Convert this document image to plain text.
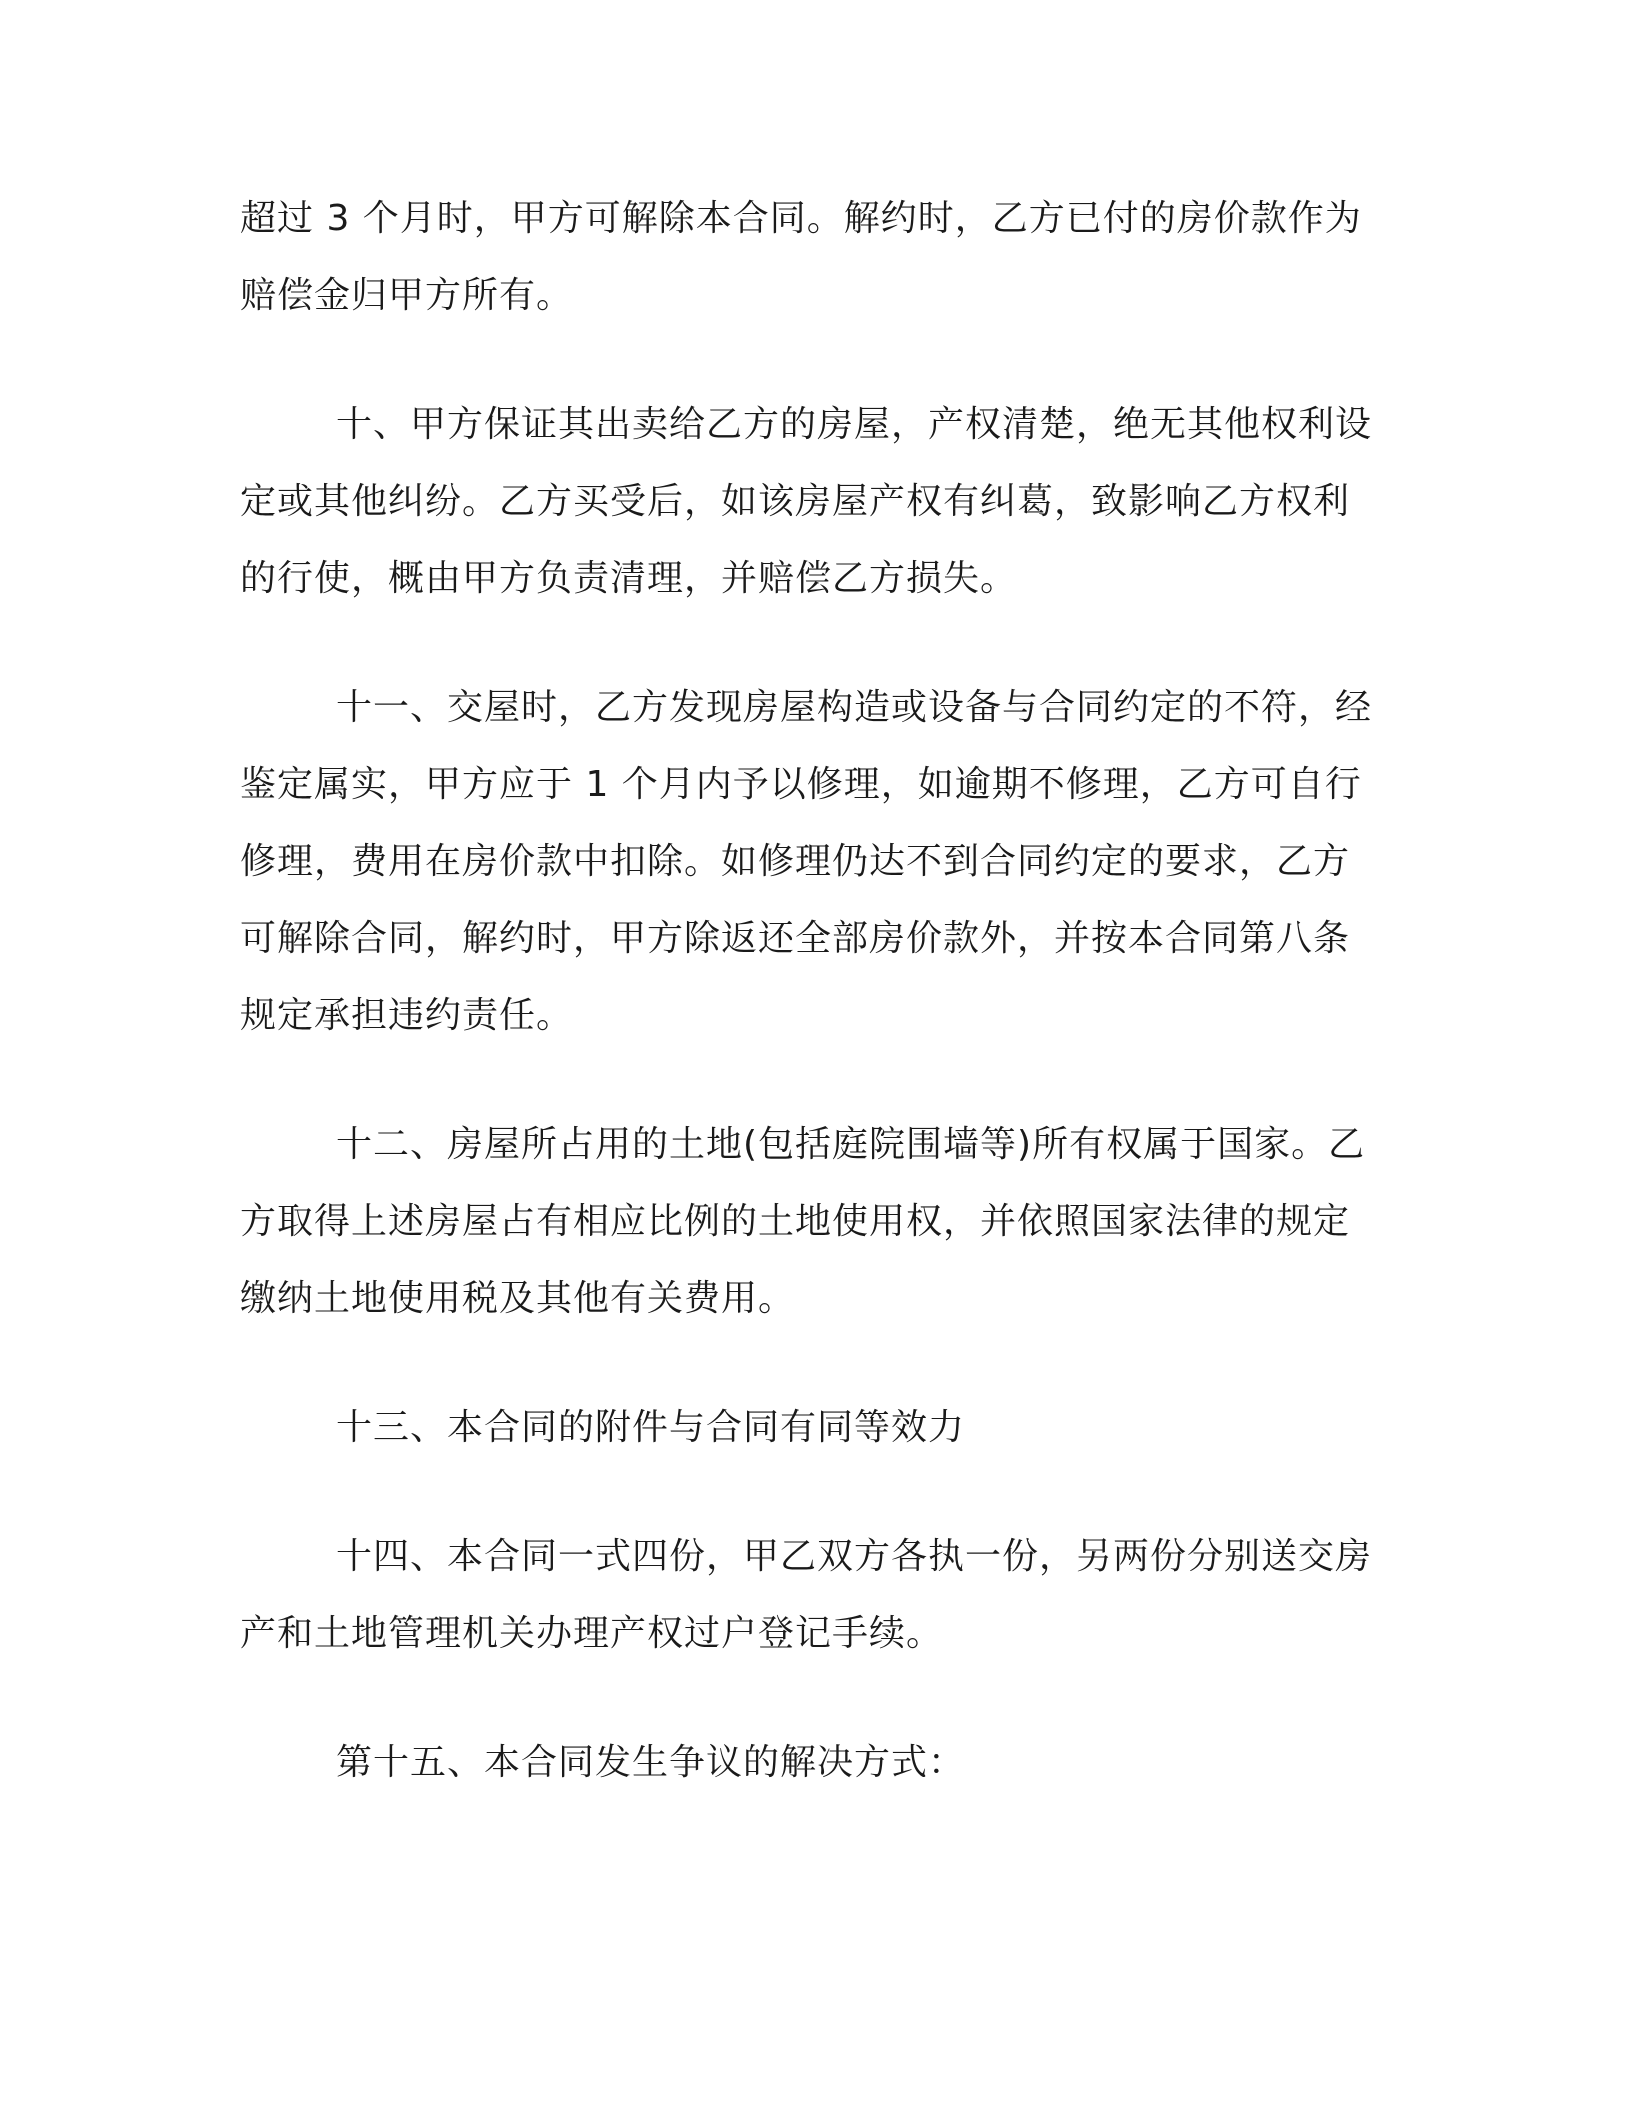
超过 3 个月时，甲方可解除本合同。解约时，乙方已付的房价款作为
赔偿金归甲方所有。

十、甲方保证其出卖给乙方的房屋，产权清楚，绝无其他权利设
定或其他纠纷。乙方买受后，如该房屋产权有纠葛，致影响乙方权利
的行使，概由甲方负责清理，并赔偿乙方损失。

十一、交屋时，乙方发现房屋构造或设备与合同约定的不符，经
鉴定属实，甲方应于 1 个月内予以修理，如逾期不修理，乙方可自行
修理，费用在房价款中扣除。如修理仍达不到合同约定的要求，乙方
可解除合同，解约时，甲方除返还全部房价款外，并按本合同第八条
规定承担违约责任。

十二、房屋所占用的土地(包括庭院围墙等)所有权属于国家。乙
方取得上述房屋占有相应比例的土地使用权，并依照国家法律的规定
缴纳土地使用税及其他有关费用。

十三、本合同的附件与合同有同等效力

十四、本合同一式四份，甲乙双方各执一份，另两份分别送交房
产和土地管理机关办理产权过户登记手续。

第十五、本合同发生争议的解决方式：
